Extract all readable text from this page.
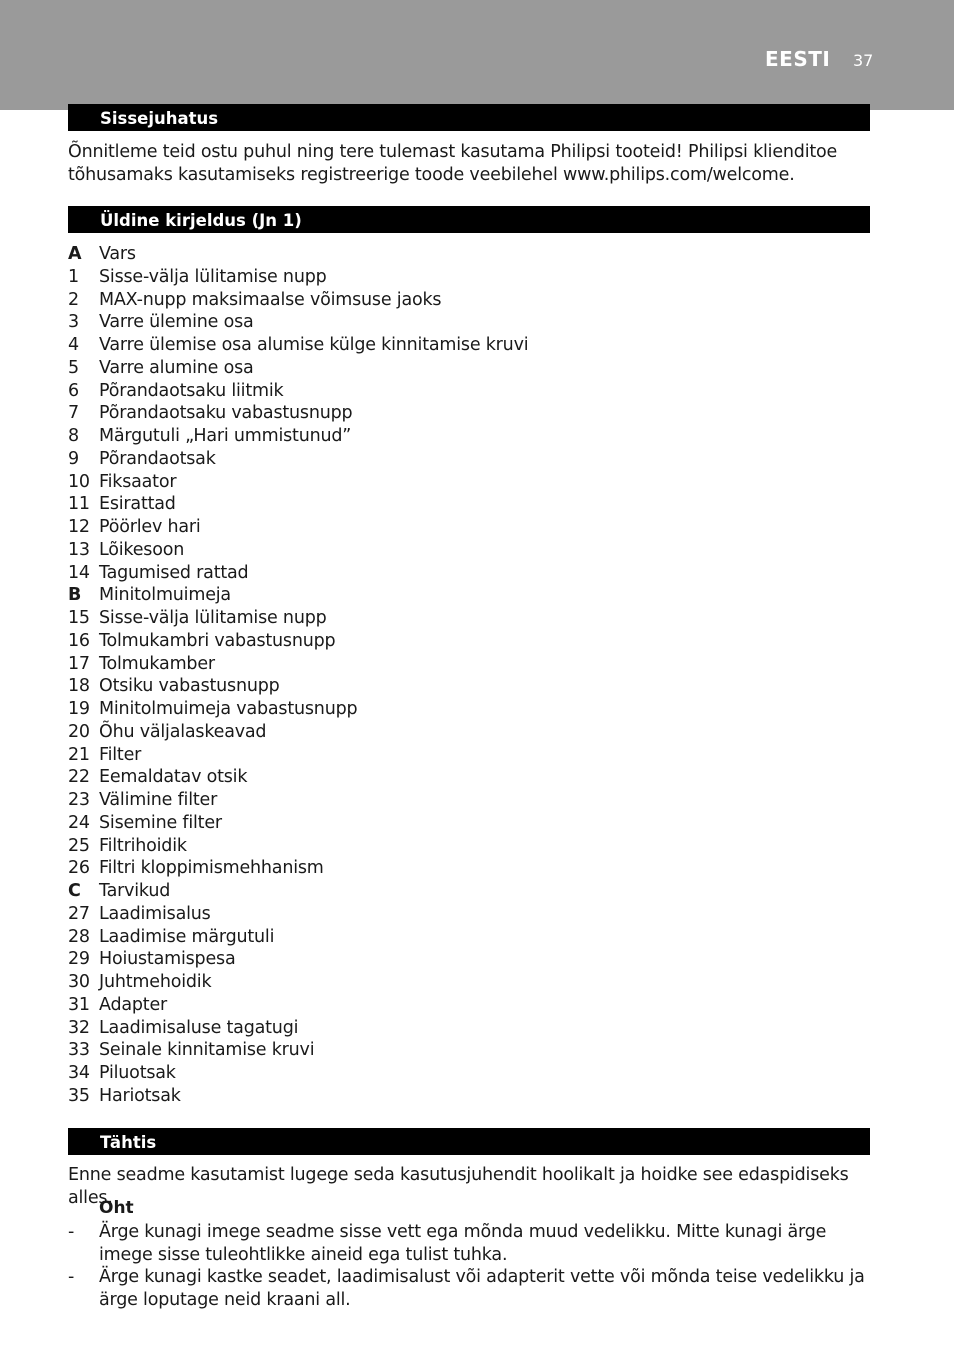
EESTI 37
Sissejuhatus
Õnnitleme teid ostu puhul ning tere tulemast kasutama Philipsi tooteid! Philipsi klienditoe tõhusamaks kasutamiseks registreerige toode veebilehel www.philips.com/welcome.
Üldine kirjeldus (Jn 1)
A Vars
1 Sisse-välja lülitamise nupp
2 MAX-nupp maksimaalse võimsuse jaoks
3 Varre ülemine osa
4 Varre ülemise osa alumise külge kinnitamise kruvi
5 Varre alumine osa
6 Põrandaotsaku liitmik
7 Põrandaotsaku vabastusnupp
8 Märgutuli „Hari ummistunud”
9 Põrandaotsak
10 Fiksaator
11 Esirattad
12 Pöörlev hari
13 Lõikesoon
14 Tagumised rattad
B Minitolmuimeja
15 Sisse-välja lülitamise nupp
16 Tolmukambri vabastusnupp
17 Tolmukamber
18 Otsiku vabastusnupp
19 Minitolmuimeja vabastusnupp
20 Õhu väljalaskeavad
21 Filter
22 Eemaldatav otsik
23 Välimine filter
24 Sisemine filter
25 Filtrihoidik
26 Filtri kloppimismehhanism
C Tarvikud
27 Laadimisalus
28 Laadimise märgutuli
29 Hoiustamispesa
30 Juhtmehoidik
31 Adapter
32 Laadimisaluse tagatugi
33 Seinale kinnitamise kruvi
34 Piluotsak
35 Hariotsak
Tähtis
Enne seadme kasutamist lugege seda kasutusjuhendit hoolikalt ja hoidke see edaspidiseks alles.
Oht
- Ärge kunagi imege seadme sisse vett ega mõnda muud vedelikku. Mitte kunagi ärge imege sisse tuleohtlikke aineid ega tulist tuhka.
- Ärge kunagi kastke seadet, laadimisalust või adapterit vette või mõnda teise vedelikku ja ärge loputage neid kraani all.
